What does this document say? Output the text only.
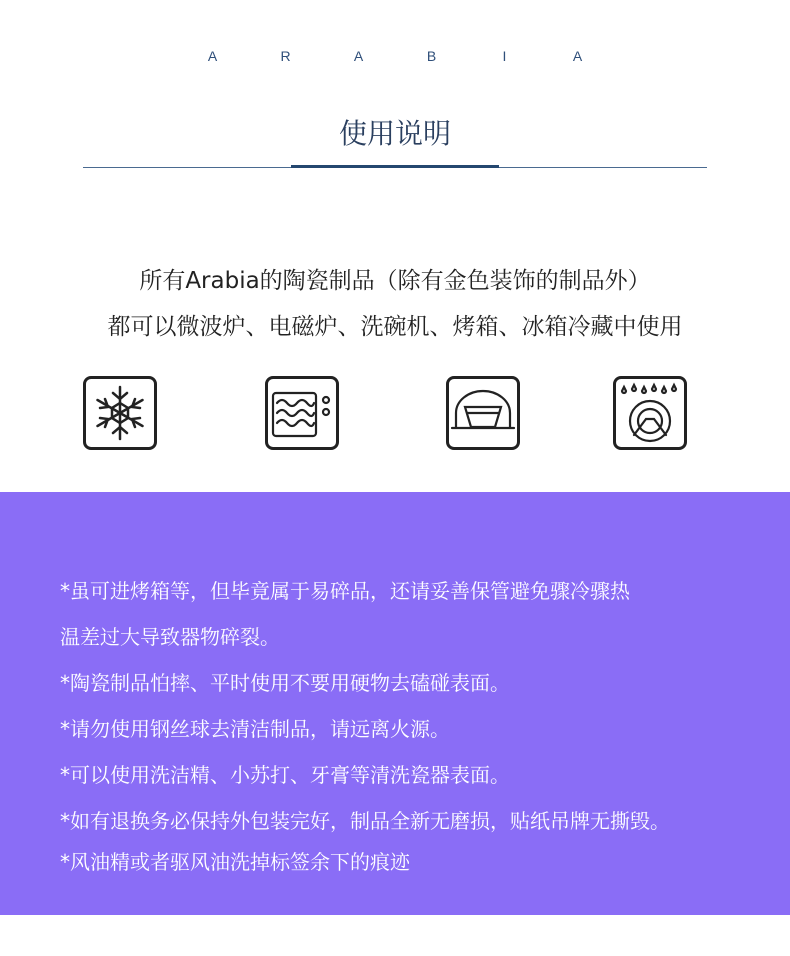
A	R	A	B	I	A
使用说明
所有Arabia的陶瓷制品（除有金色装饰的制品外）
都可以微波炉、电磁炉、洗碗机、烤箱、冰箱冷藏中使用
*虽可进烤箱等，但毕竟属于易碎品，还请妥善保管避免骤冷骤热
温差过大导致器物碎裂。
*陶瓷制品怕摔、平时使用不要用硬物去磕碰表面。
*请勿使用钢丝球去清洁制品，请远离火源。
*可以使用洗洁精、小苏打、牙膏等清洗瓷器表面。
*如有退换务必保持外包装完好，制品全新无磨损，贴纸吊牌无撕毁。
*风油精或者驱风油洗掉标签余下的痕迹
